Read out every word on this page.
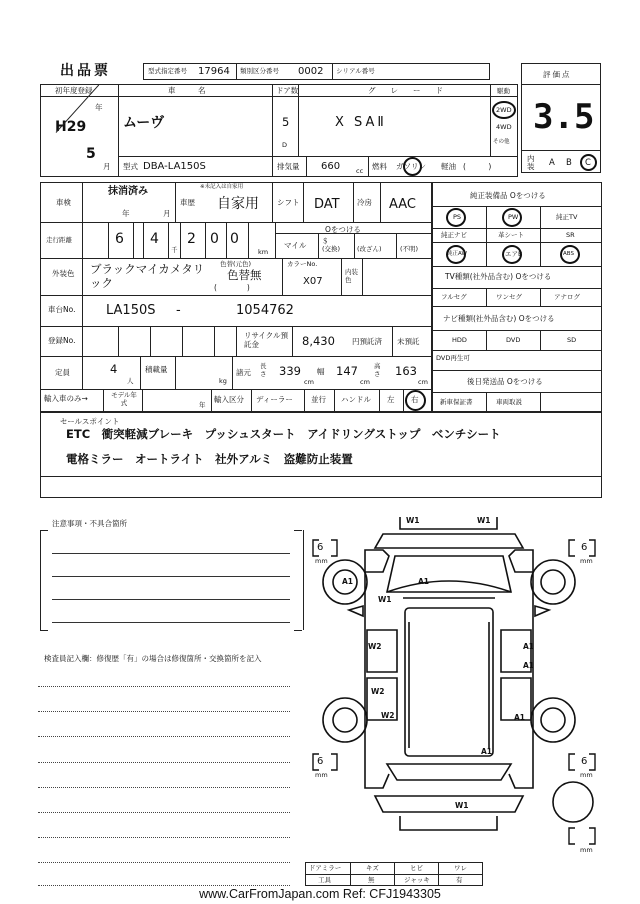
出品票	型式指定番号 17964 類別区分番号 0002 シリアル番号	評価点
3.5
内装 A B C
初年度登録
年
H29
5
月
車　　　名
ムーヴ
ドア数
5
D
グ　　レ　　ー　　ド
X SAⅡ
駆動
2WD
4WD
その他
型式 DBA-LA150S	排気量 660 cc 燃料 ガソリン 軽油 (　　　)
車検
抹消済み
年	月
※未記入は自家用
車歴 自家用 シフト DAT 冷房 AAC
走行距離	6 4
千
2 0 0
km
Oをつける
マイル ＄
(交換)	
(改ざん)	
(不明)
外装色 ブラックマイカメタリック
色替(元色)
色替無
(　　　　)
カラーNo.
X07
内装色
車台No. LA150S -	1054762
登録No.
リサイクル預託金	8,430 円預託済 未預託
定員	4
人
積載量
kg
諸元
長さ 339
cm
幅 147
cm
高さ 163
cm
輸入車のみ→	モデル年式	年
輸入区分 ディーラー 並行 ハンドル 左 右
純正装備品 Oをつける
PS	PW	純正TV
純正ナビ	革シート	SR
純正AW	エアB	ABS
TV種類(社外品含む) Oをつける
フルセグ	ワンセグ	アナログ
ナビ種類(社外品含む) Oをつける
HDD	DVD	SD
DVD再生可
後日発送品 Oをつける
新車保証書	車両取説
セールスポイント
ETC　衝突軽減ブレーキ　プッシュスタート　アイドリングストップ　ベンチシート
電格ミラー　オートライト　社外アルミ　盗難防止装置
注意事項・不具合箇所
検査員記入欄：修復歴「有」の場合は修復箇所・交換箇所を記入
W1	W1
A1	A1
W1
W2	A1
A1
W2
W2	A1
A1
W1
6
mm
6
mm
6
mm
6
mm
mm
ドアミラー	キズ	ヒビ	ワレ
工具	無	ジャッキ	有
www.CarFromJapan.com Ref: CFJ1943305
